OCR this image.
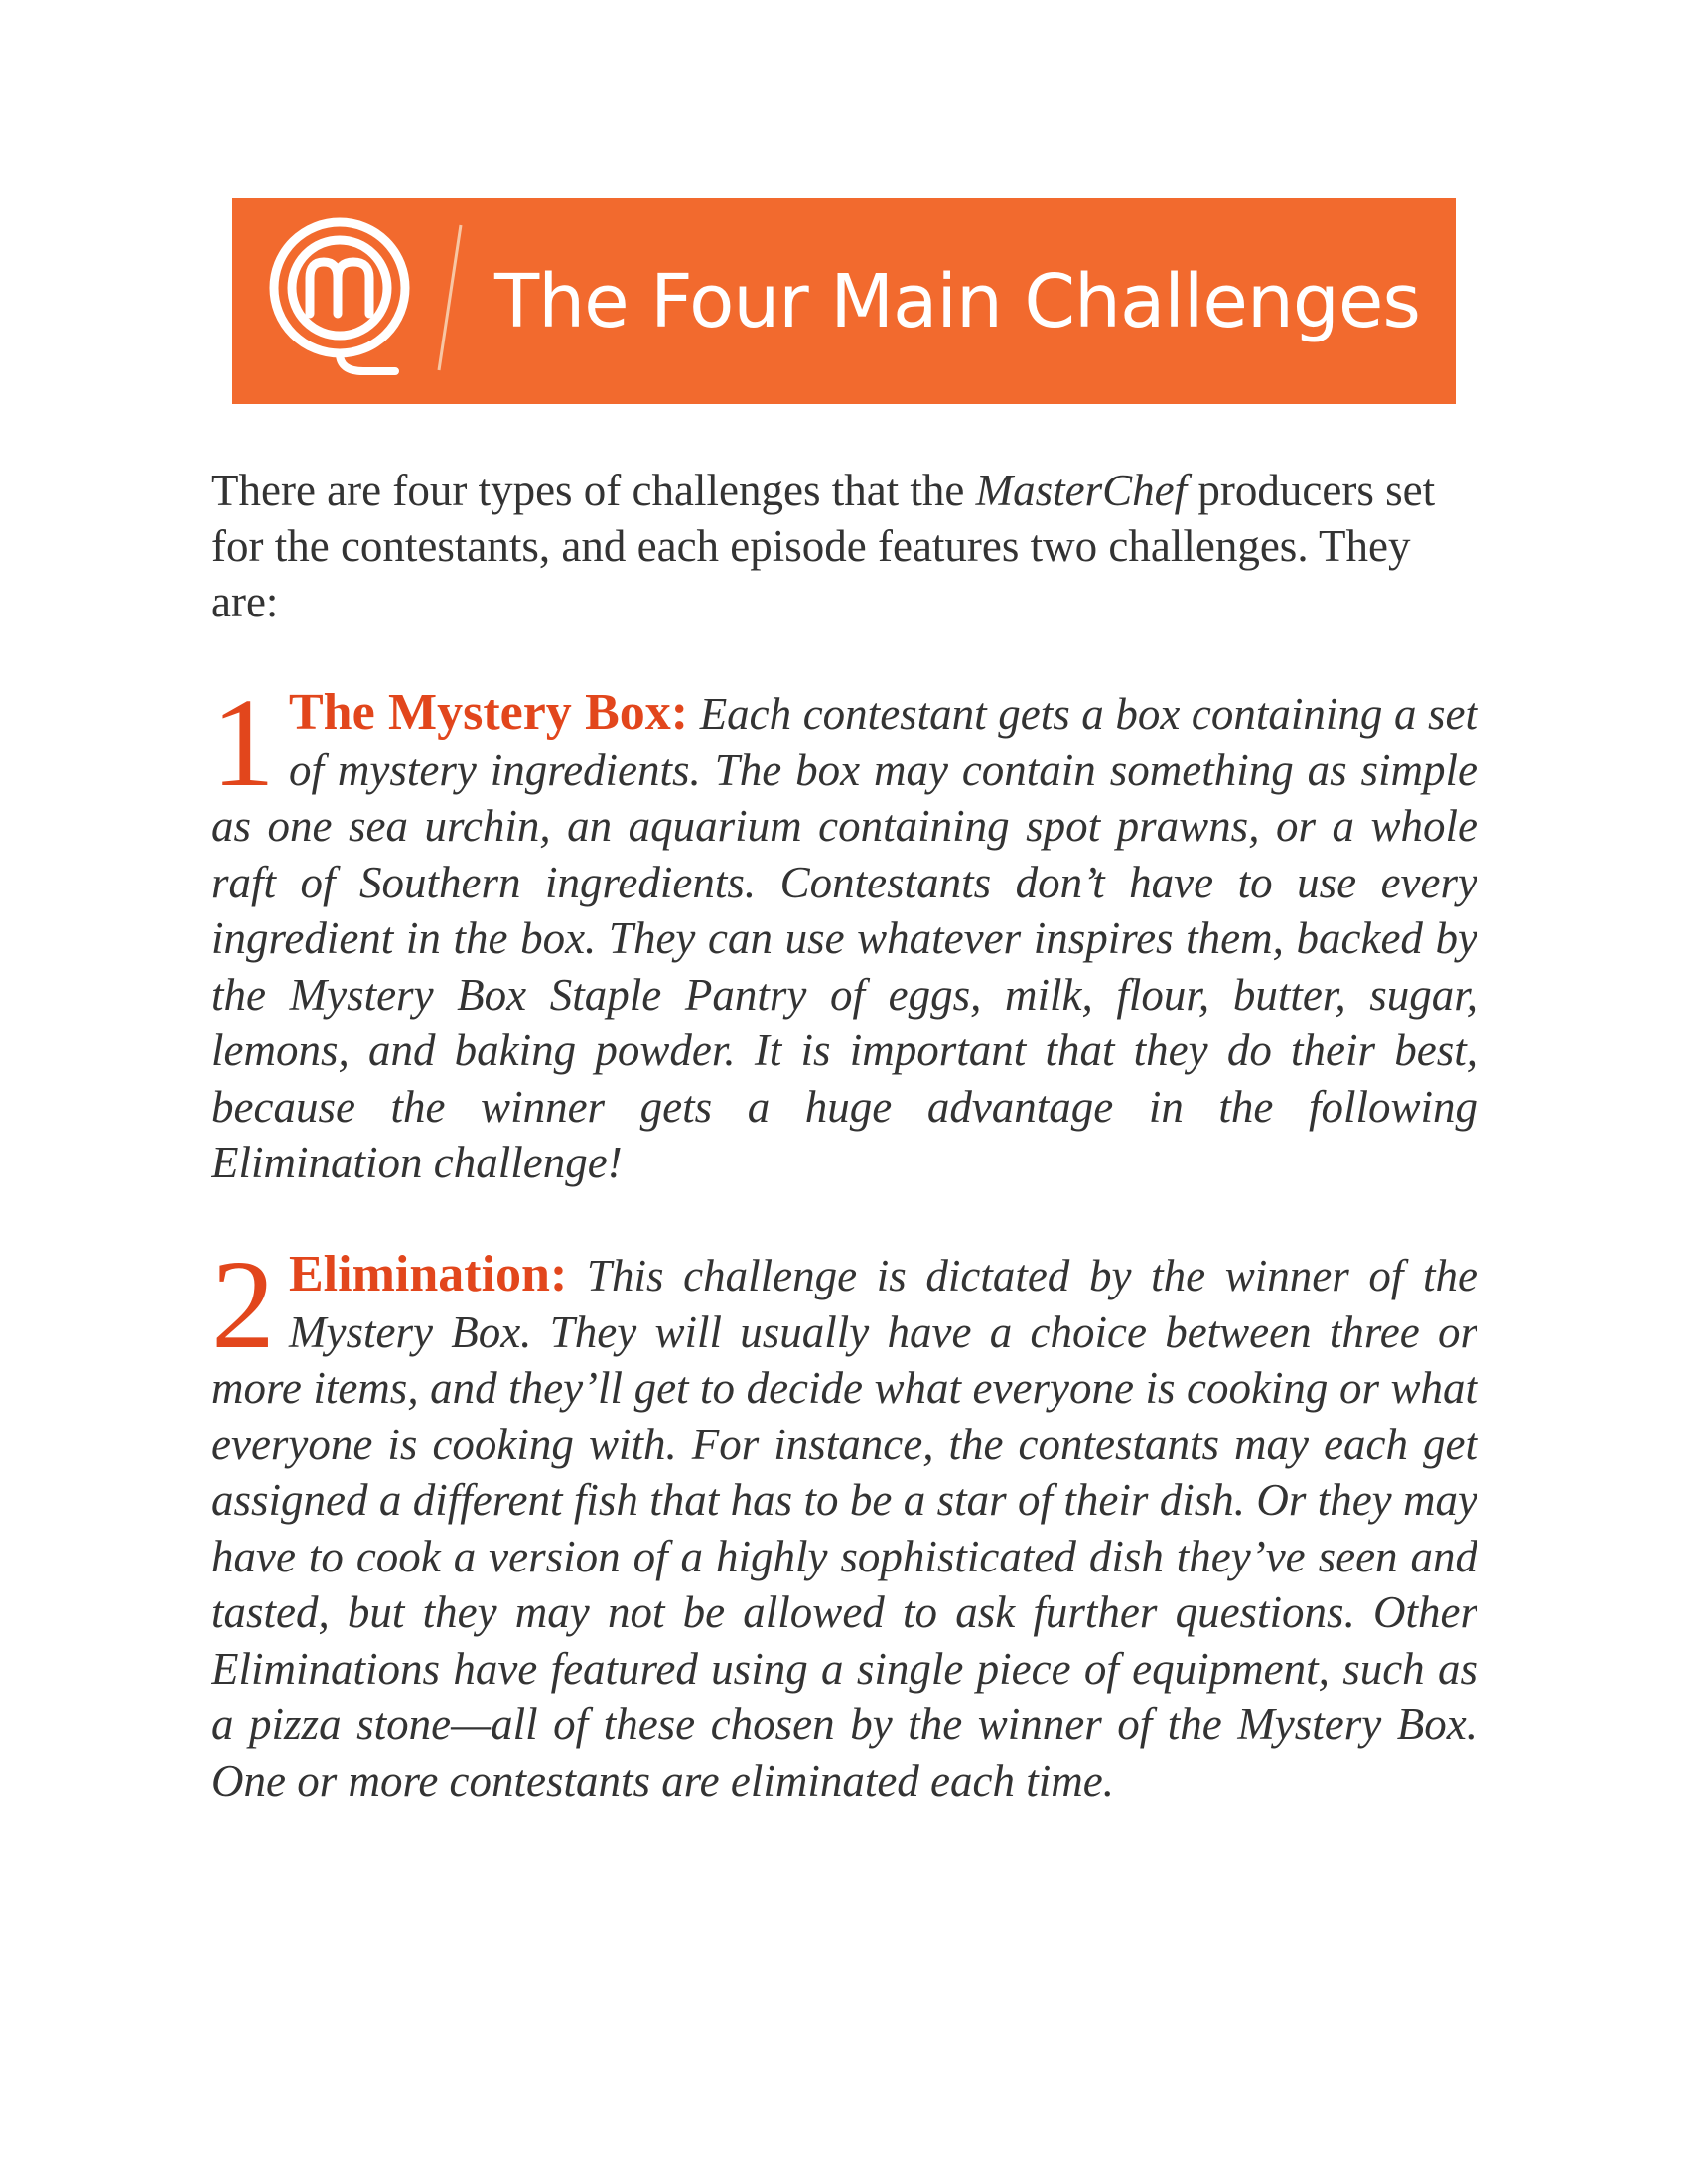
The Four Main Challenges

There are four types of challenges that the MasterChef producers set for the contestants, and each episode features two challenges. They are:

1 The Mystery Box: Each contestant gets a box containing a set of mystery ingredients. The box may contain something as simple as one sea urchin, an aquarium containing spot prawns, or a whole raft of Southern ingredients. Contestants don’t have to use every ingredient in the box. They can use whatever inspires them, backed by the Mystery Box Staple Pantry of eggs, milk, flour, butter, sugar, lemons, and baking powder. It is important that they do their best, because the winner gets a huge advantage in the following Elimination challenge!

2 Elimination: This challenge is dictated by the winner of the Mystery Box. They will usually have a choice between three or more items, and they’ll get to decide what everyone is cooking or what everyone is cooking with. For instance, the contestants may each get assigned a different fish that has to be a star of their dish. Or they may have to cook a version of a highly sophisticated dish they’ve seen and tasted, but they may not be allowed to ask further questions. Other Eliminations have featured using a single piece of equipment, such as a pizza stone—all of these chosen by the winner of the Mystery Box. One or more contestants are eliminated each time.
